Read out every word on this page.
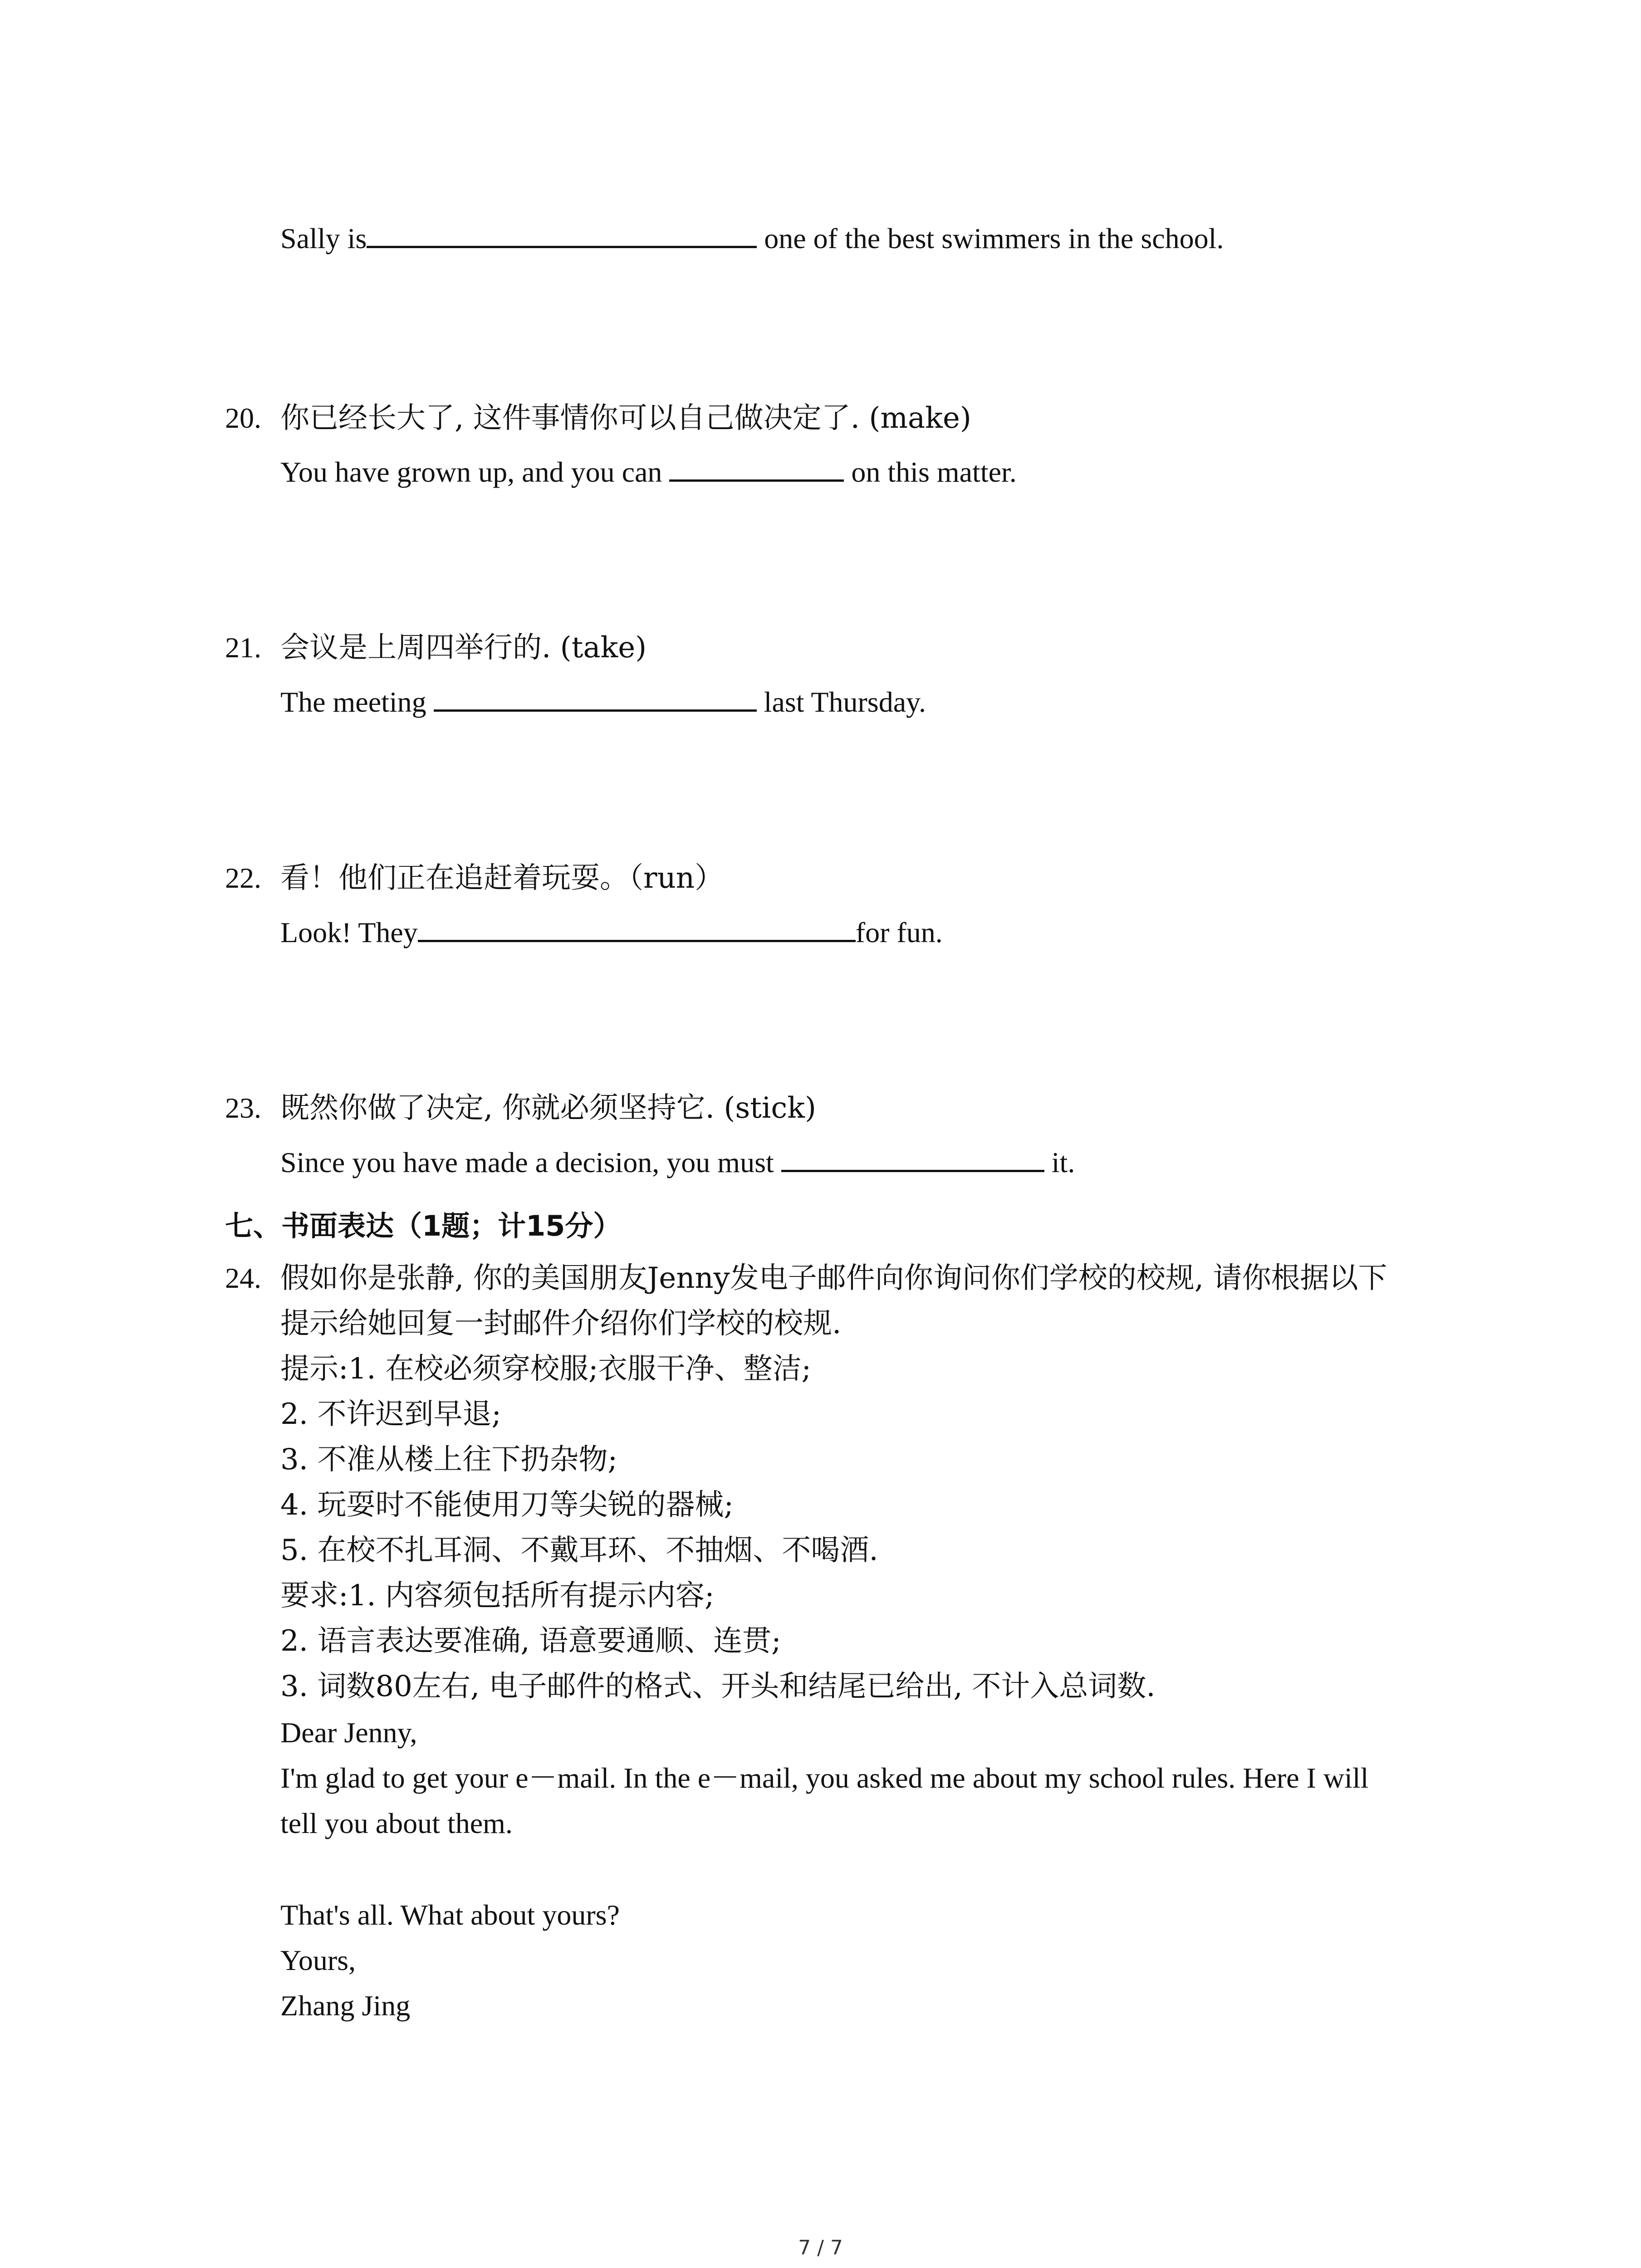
Sally is	one of the best swimmers in the school.
20. 你已经长大了, 这件事情你可以自己做决定了. (make)
You have grown up, and you can	on this matter.
21. 会议是上周四举行的. (take)
The meeting	last Thursday.
22. 看！他们正在追赶着玩耍。（run）
Look! They	for fun.
23. 既然你做了决定, 你就必须坚持它. (stick)
Since you have made a decision, you must	it.
七、书面表达（1题；计15分）
24. 假如你是张静, 你的美国朋友Jenny发电子邮件向你询问你们学校的校规, 请你根据以下
提示给她回复一封邮件介绍你们学校的校规.
提示:1. 在校必须穿校服;衣服干净、整洁;
2. 不许迟到早退;
3. 不准从楼上往下扔杂物;
4. 玩耍时不能使用刀等尖锐的器械;
5. 在校不扎耳洞、不戴耳环、不抽烟、不喝酒.
要求:1. 内容须包括所有提示内容;
2. 语言表达要准确, 语意要通顺、连贯;
3. 词数80左右, 电子邮件的格式、开头和结尾已给出, 不计入总词数.
Dear Jenny,
I'm glad to get your e－mail. In the e－mail, you asked me about my school rules. Here I will
tell you about them.
That's all. What about yours?
Yours,
Zhang Jing
7 / 7
